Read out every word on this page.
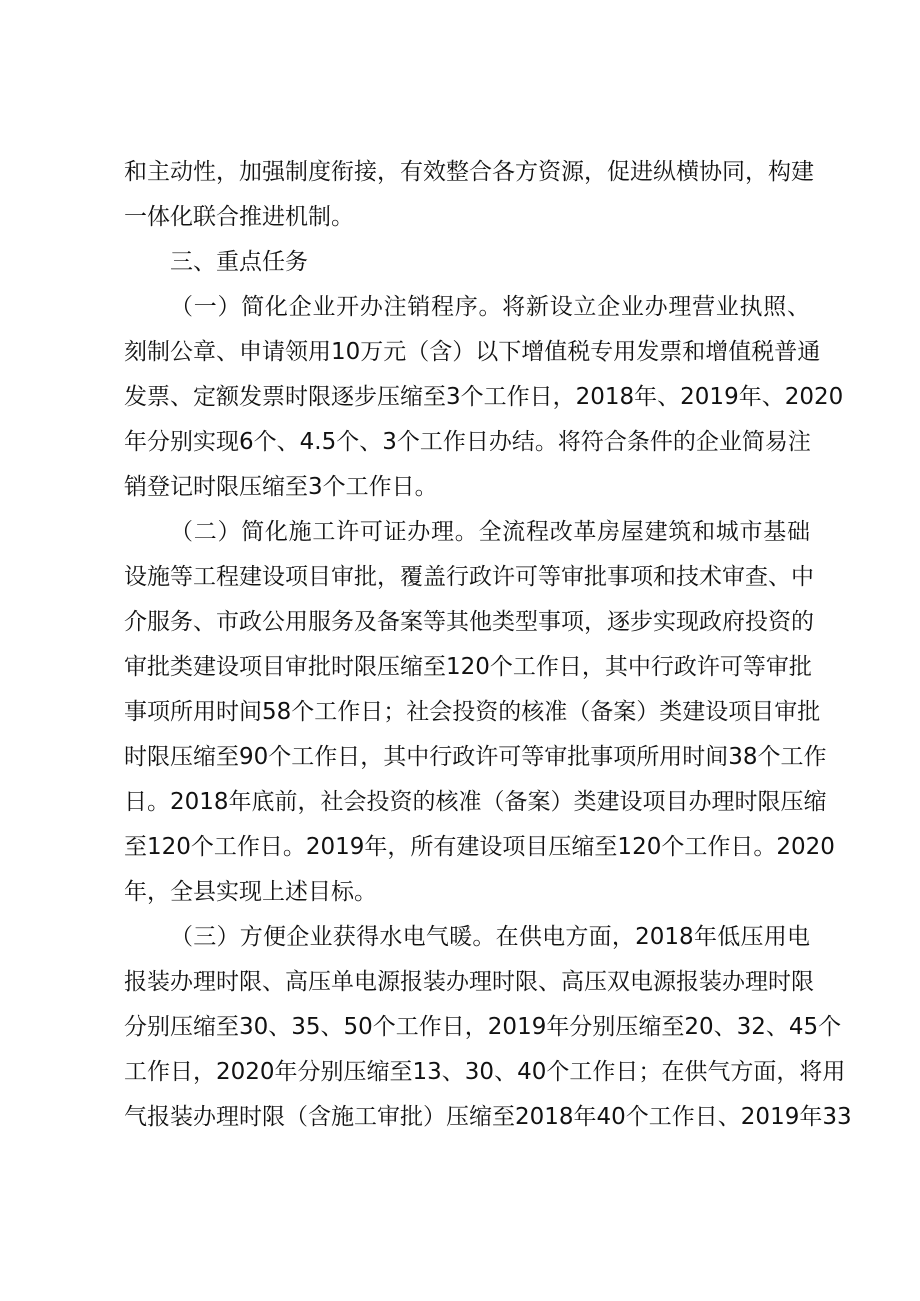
和主动性，加强制度衔接，有效整合各方资源，促进纵横协同，构建
一体化联合推进机制。
三、重点任务
（一）简化企业开办注销程序。将新设立企业办理营业执照、
刻制公章、申请领用10万元（含）以下增值税专用发票和增值税普通
发票、定额发票时限逐步压缩至3个工作日，2018年、2019年、2020
年分别实现6个、4.5个、3个工作日办结。将符合条件的企业简易注
销登记时限压缩至3个工作日。
（二）简化施工许可证办理。全流程改革房屋建筑和城市基础
设施等工程建设项目审批，覆盖行政许可等审批事项和技术审查、中
介服务、市政公用服务及备案等其他类型事项，逐步实现政府投资的
审批类建设项目审批时限压缩至120个工作日，其中行政许可等审批
事项所用时间58个工作日；社会投资的核准（备案）类建设项目审批
时限压缩至90个工作日，其中行政许可等审批事项所用时间38个工作
日。2018年底前，社会投资的核准（备案）类建设项目办理时限压缩
至120个工作日。2019年，所有建设项目压缩至120个工作日。2020
年，全县实现上述目标。
（三）方便企业获得水电气暖。在供电方面，2018年低压用电
报装办理时限、高压单电源报装办理时限、高压双电源报装办理时限
分别压缩至30、35、50个工作日，2019年分别压缩至20、32、45个
工作日，2020年分别压缩至13、30、40个工作日；在供气方面，将用
气报装办理时限（含施工审批）压缩至2018年40个工作日、2019年33
